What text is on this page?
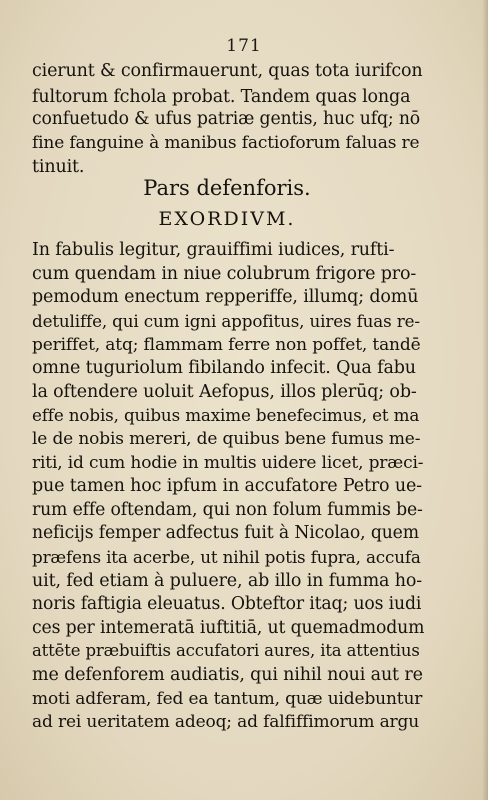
171
cierunt & confirmauerunt, quas tota iurifcon
fultorum fchola probat. Tandem quas longa
confuetudo & ufus patriæ gentis, huc ufq; nō
fine fanguine à manibus factioforum faluas re
tinuit.
Pars defenforis.
EXORDIVM.
In fabulis legitur, grauiffimi iudices, rufti-
cum quendam in niue colubrum frigore pro-
pemodum enectum repperiffe, illumq; domū
detuliffe, qui cum igni appofitus, uires fuas re-
periffet, atq; flammam ferre non poffet, tandē
omne tuguriolum fibilando infecit. Qua fabu
la oftendere uoluit Aefopus, illos plerūq; ob-
effe nobis, quibus maxime benefecimus, et ma
le de nobis mereri, de quibus bene fumus me-
riti, id cum hodie in multis uidere licet, præci-
pue tamen hoc ipfum in accufatore Petro ue-
rum effe oftendam, qui non folum fummis be-
neficijs femper adfectus fuit à Nicolao, quem
præfens ita acerbe, ut nihil potis fupra, accufa
uit, fed etiam à puluere, ab illo in fumma ho-
noris faftigia eleuatus. Obteftor itaq; uos iudi
ces per intemeratā iuftitiā, ut quemadmodum
attēte præbuiftis accufatori aures, ita attentius
me defenforem audiatis, qui nihil noui aut re
moti adferam, fed ea tantum, quæ uidebuntur
ad rei ueritatem adeoq; ad falfiffimorum argu
